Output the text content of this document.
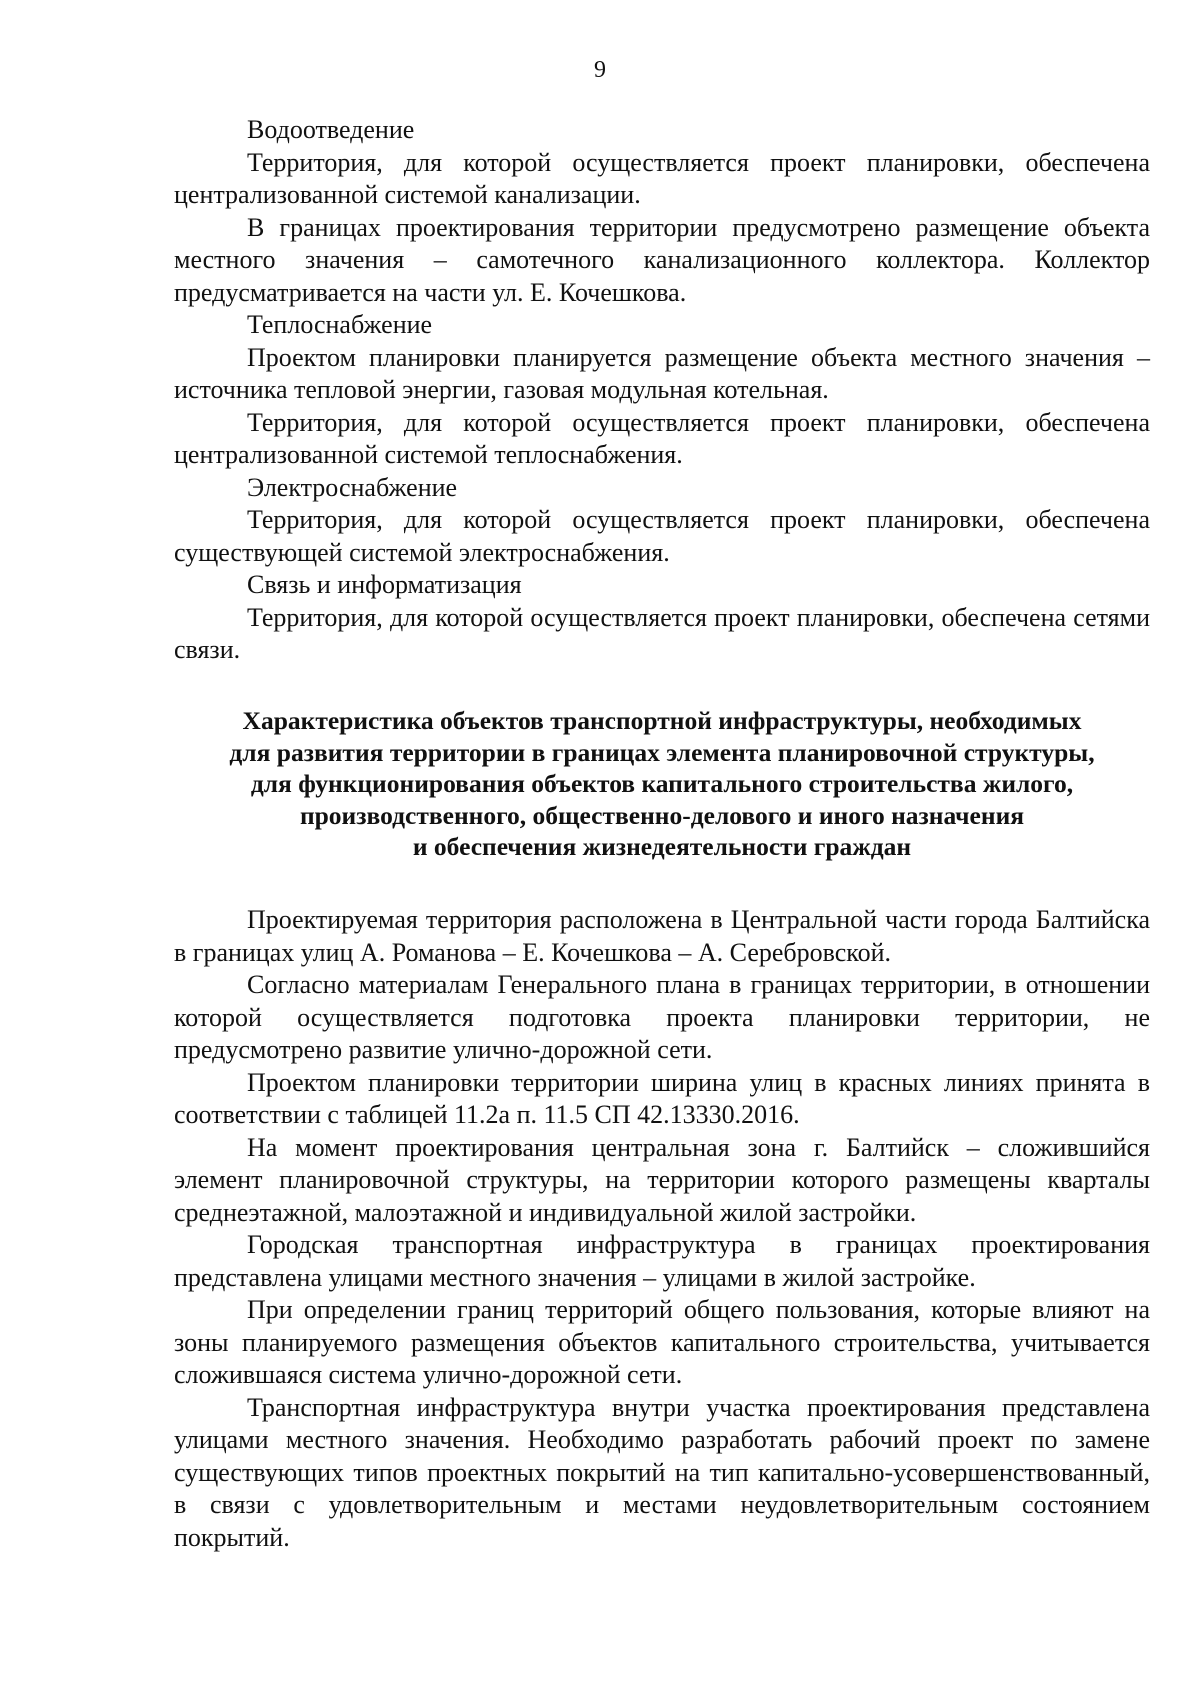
9

Водоотведение

Территория, для которой осуществляется проект планировки, обеспечена централизованной системой канализации.

В границах проектирования территории предусмотрено размещение объекта местного значения – самотечного канализационного коллектора. Коллектор предусматривается на части ул. Е. Кочешкова.

Теплоснабжение

Проектом планировки планируется размещение объекта местного значения – источника тепловой энергии, газовая модульная котельная.

Территория, для которой осуществляется проект планировки, обеспечена централизованной системой теплоснабжения.

Электроснабжение

Территория, для которой осуществляется проект планировки, обеспечена существующей системой электроснабжения.

Связь и информатизация

Территория, для которой осуществляется проект планировки, обеспечена сетями связи.

Характеристика объектов транспортной инфраструктуры, необходимых
для развития территории в границах элемента планировочной структуры,
для функционирования объектов капитального строительства жилого,
производственного, общественно-делового и иного назначения
и обеспечения жизнедеятельности граждан

Проектируемая территория расположена в Центральной части города Балтийска в границах улиц А. Романова – Е. Кочешкова – А. Серебровской.

Согласно материалам Генерального плана в границах территории, в отношении которой осуществляется подготовка проекта планировки территории, не предусмотрено развитие улично-дорожной сети.

Проектом планировки территории ширина улиц в красных линиях принята в соответствии с таблицей 11.2а п. 11.5 СП 42.13330.2016.

На момент проектирования центральная зона г. Балтийск – сложившийся элемент планировочной структуры, на территории которого размещены кварталы среднеэтажной, малоэтажной и индивидуальной жилой застройки.

Городская транспортная инфраструктура в границах проектирования представлена улицами местного значения – улицами в жилой застройке.

При определении границ территорий общего пользования, которые влияют на зоны планируемого размещения объектов капитального строительства, учитывается сложившаяся система улично-дорожной сети.

Транспортная инфраструктура внутри участка проектирования представлена улицами местного значения. Необходимо разработать рабочий проект по замене существующих типов проектных покрытий на тип капитально-усовершенствованный, в связи с удовлетворительным и местами неудовлетворительным состоянием покрытий.
